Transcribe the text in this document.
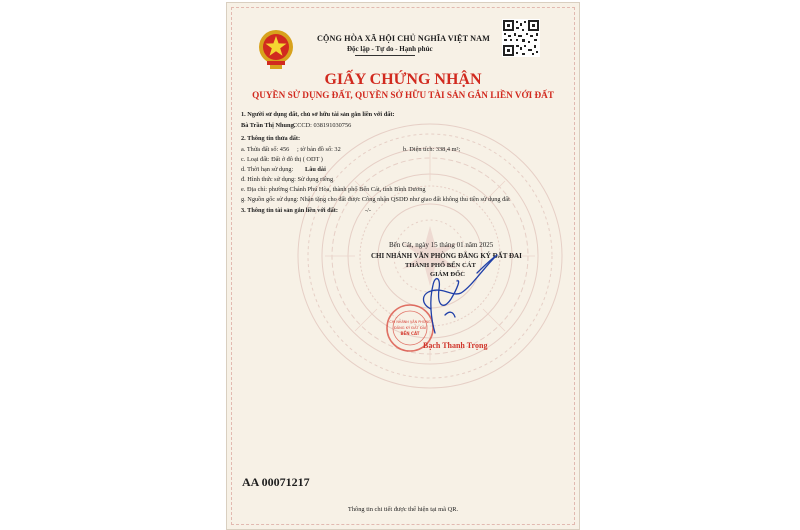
CỘNG HÒA XÃ HỘI CHỦ NGHĨA VIỆT NAM
Độc lập - Tự do - Hạnh phúc
GIẤY CHỨNG NHẬN
QUYỀN SỬ DỤNG ĐẤT, QUYỀN SỞ HỮU TÀI SẢN GẮN LIỀN VỚI ĐẤT
1. Người sử dụng đất, chủ sở hữu tài sản gắn liền với đất:
Bà Trần Thị Nhung,
CCCD: 038191030756
2. Thông tin thửa đất:
a. Thửa đất số: 456 ; tờ bản đồ số: 32	b. Diện tích: 338,4 m²;
c. Loại đất: Đất ở đô thị ( ODT )
d. Thời hạn sử dụng: Lâu dài
đ. Hình thức sử dụng: Sử dụng riêng
e. Địa chỉ: phường Chánh Phú Hòa, thành phố Bến Cát, tỉnh Bình Dương
g. Nguồn gốc sử dụng: Nhận tặng cho đất được Công nhận QSDĐ như giao đất không thu tiền sử dụng đất
3. Thông tin tài sản gắn liền với đất:	-/-
Bến Cát, ngày 15 tháng 01 năm 2025
CHI NHÁNH VĂN PHÒNG ĐĂNG KÝ ĐẤT ĐAI
THÀNH PHỐ BẾN CÁT
GIÁM ĐỐC
CHI NHÁNH VĂN PHÒNG
ĐĂNG KÝ ĐẤT ĐAI
BẾN CÁT
Bạch Thanh Trọng
AA 00071217
Thông tin chi tiết được thể hiện tại mã QR.
